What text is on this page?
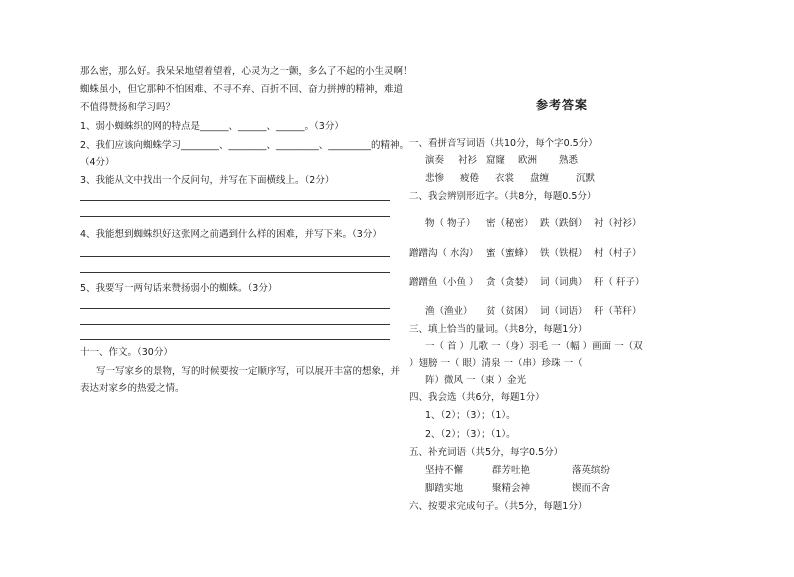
那么密，那么好。我呆呆地望着望着，心灵为之一颤，多么了不起的小生灵啊！
蜘蛛虽小，但它那种不怕困难、不寻不弃、百折不回、奋力拼搏的精神，难道
不值得赞扬和学习吗？
1、弱小蜘蛛织的网的特点是______、______、______。（3分）
2、我们应该向蜘蛛学习________、________、_________、_________的精神。
（4分）
3、我能从文中找出一个反问句，并写在下面横线上。（2分）
4、我能想到蜘蛛织好这张网之前遇到什么样的困难，并写下来。（3分）
5、我要写一两句话来赞扬弱小的蜘蛛。（3分）
十一、作文。（30分）
写一写家乡的景物，写的时候要按一定顺序写，可以展开丰富的想象，并
表达对家乡的热爱之情。
参考答案
一、看拼音写词语（共10分，每个字0.5分）
演奏 衬衫 窟窿 欧洲 熟悉
悲惨 疲倦 衣裳 盘缠	沉默
二、我会辨别形近字。（共8分，每题0.5分）
物（ 物子） 密（秘密） 跌（跌倒） 衬（衬衫）
蹭蹭沟（ 水沟） 蜜（蜜蜂） 铁（铁棍） 村（村子）
蹭蹭鱼（小鱼 ） 贪（贪婪） 词（词典） 秆（ 秆子）
渔（渔业） 贫（贫困） 词（词语） 秆（苇秆）
三、填上恰当的量词。（共8分，每题1分）
一（ 首 ）儿歌 一（身）羽毛 一（幅 ）画面 一（双
）翅膀 一（ 眼）清泉 一（串）珍珠 一（
阵）微风 一（束 ）金光
四、我会选（共6分，每题1分）
1、（2）；（3）；（1）。
2、（2）；（3）；（1）。
五、补充词语（共5分，每字0.5分）
坚持不懈	群芳吐艳	落英缤纷
脚踏实地	聚精会神	锲而不舍
六、按要求完成句子。（共5分，每题1分）
